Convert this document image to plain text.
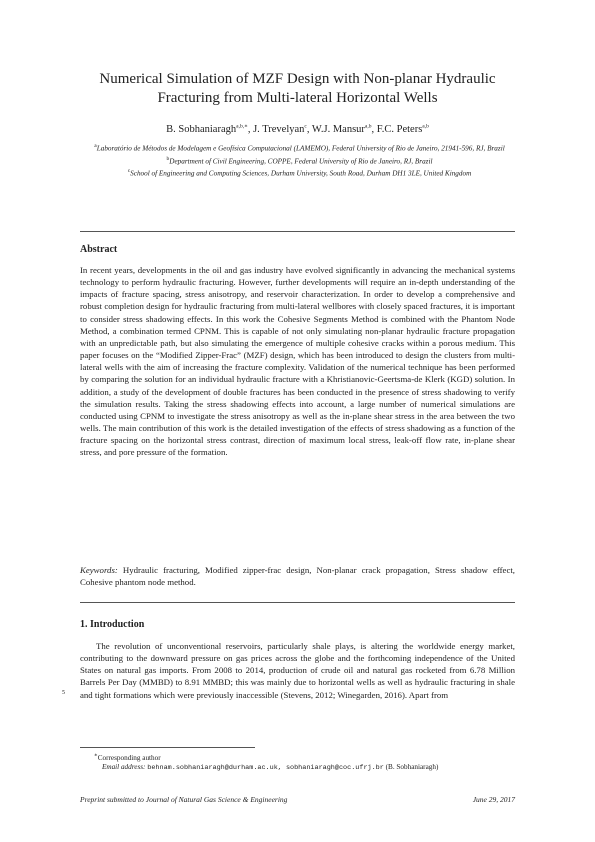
Numerical Simulation of MZF Design with Non-planar Hydraulic
Fracturing from Multi-lateral Horizontal Wells
B. Sobhaniaragh$^{a,b,∗}$, J. Trevelyan$^c$, W.J. Mansur$^{a,b}$, F.C. Peters$^{a,b}$

$^a$Laboratório de Métodos de Modelagem e Geofísica Computacional (LAMEMO), Federal University of Rio de Janeiro, 21941-596, RJ, Brazil

$^b$Department of Civil Engineering, COPPE, Federal University of Rio de Janeiro, RJ, Brazil

$^c$School of Engineering and Computing Sciences, Durham University, South Road, Durham DH1 3LE, United Kingdom

Abstract

In recent years, developments in the oil and gas industry have evolved significantly in advancing the mechanical systems technology to perform hydraulic fracturing. However, further developments will require an in-depth understanding of the impacts of fracture spacing, stress anisotropy, and reservoir characterization. In order to develop a comprehensive and robust completion design for hydraulic fracturing from multi-lateral wellbores with closely spaced fractures, it is important to consider stress shadowing effects. In this work the Cohesive Segments Method is combined with the Phantom Node Method, a combination termed CPNM. This is capable of not only simulating non-planar hydraulic fracture propagation with an unpredictable path, but also simulating the emergence of multiple cohesive cracks within a porous medium. This paper focuses on the “Modified Zipper-Frac” (MZF) design, which has been introduced to design the clusters from multi-lateral wells with the aim of increasing the fracture complexity. Validation of the numerical technique has been performed by comparing the solution for an individual hydraulic fracture with a Khristianovic-Geertsma-de Klerk (KGD) solution. In addition, a study of the development of double fractures has been conducted in the presence of stress shadowing to verify the simulation results. Taking the stress shadowing effects into account, a large number of numerical simulations are conducted using CPNM to investigate the stress anisotropy as well as the in-plane shear stress in the area between the two wells. The main contribution of this work is the detailed investigation of the effects of stress shadowing as a function of the fracture spacing on the horizontal stress contrast, direction of maximum local stress, leak-off flow rate, in-plane shear stress, and pore pressure of the formation.

Keywords: Hydraulic fracturing, Modified zipper-frac design, Non-planar crack propagation, Stress shadow effect, Cohesive phantom node method.

1. Introduction

The revolution of unconventional reservoirs, particularly shale plays, is altering the worldwide energy market, contributing to the downward pressure on gas prices across the globe and the forthcoming independence of the United States on natural gas imports. From 2008 to 2014, production of crude oil and natural gas rocketed from 6.78 Million Barrels Per Day (MMBD) to 8.91 MMBD; this was mainly due to horizontal wells as well as hydraulic fracturing in shale and tight formations which were previously inaccessible (Stevens, 2012; Winegarden, 2016). Apart from

5
∗Corresponding author
Email address: behnam.sobhaniaragh@durham.ac.uk, sobhaniaragh@coc.ufrj.br (B. Sobhaniaragh)
Preprint submitted to Journal of Natural Gas Science & Engineering	June 29, 2017
